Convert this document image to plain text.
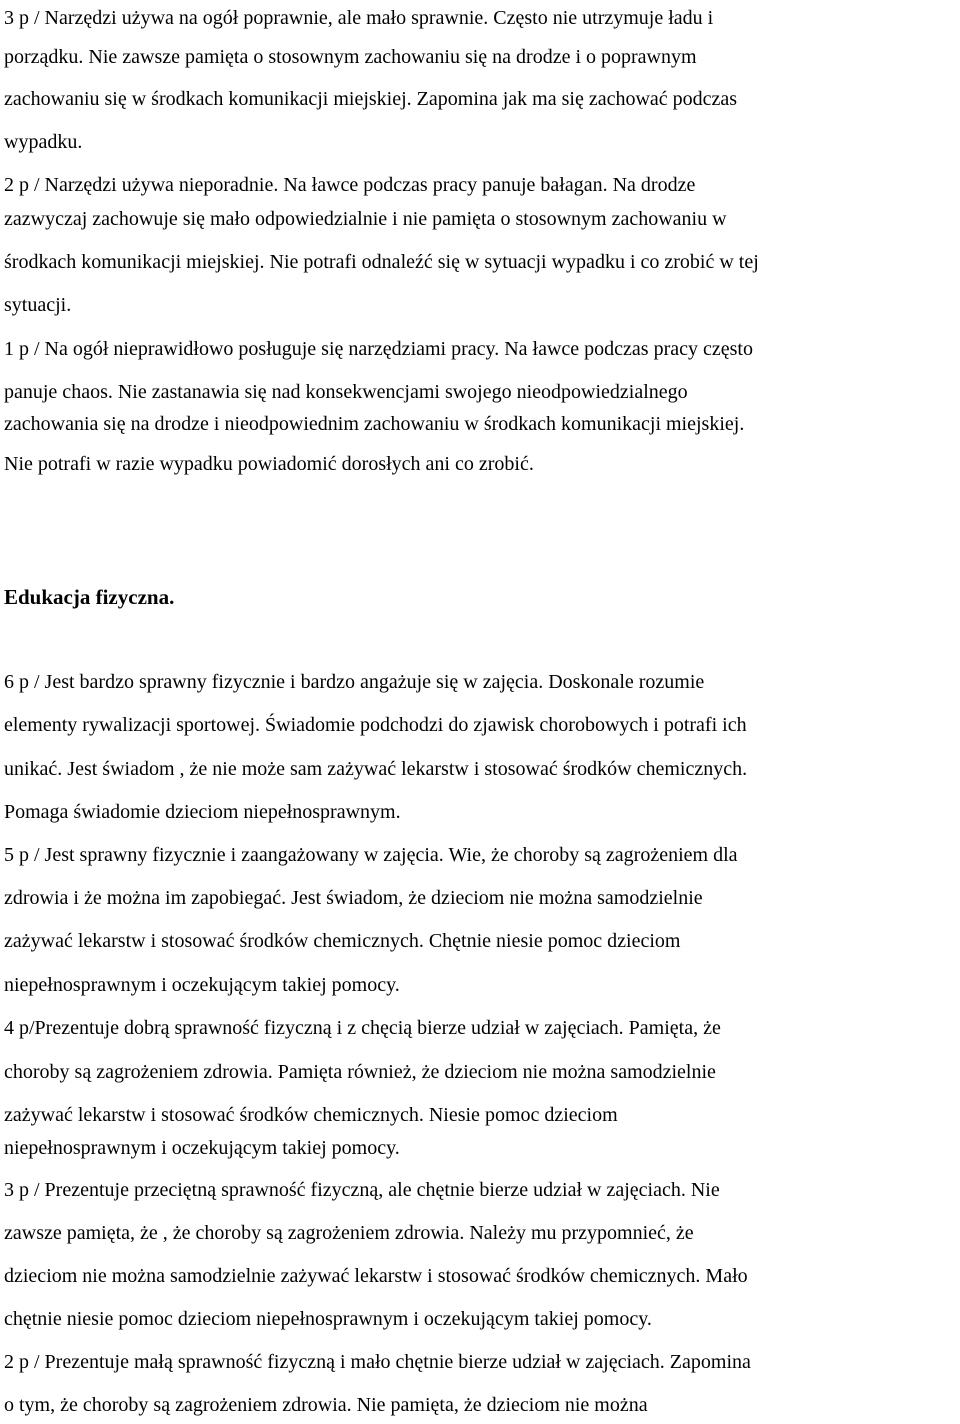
3 p / Narzędzi używa na ogół poprawnie, ale mało sprawnie. Często nie utrzymuje ładu i
porządku. Nie zawsze pamięta o stosownym zachowaniu się na drodze i o poprawnym
zachowaniu się w środkach komunikacji miejskiej. Zapomina jak ma się zachować podczas
wypadku.
2 p / Narzędzi używa nieporadnie. Na ławce podczas pracy panuje bałagan. Na drodze
zazwyczaj zachowuje się mało odpowiedzialnie i nie pamięta o stosownym zachowaniu w
środkach komunikacji miejskiej. Nie potrafi odnaleźć się w sytuacji wypadku i co zrobić w tej
sytuacji.
1 p / Na ogół nieprawidłowo posługuje się narzędziami pracy. Na ławce podczas pracy często
panuje chaos. Nie zastanawia się nad konsekwencjami swojego nieodpowiedzialnego
zachowania się na drodze i nieodpowiednim zachowaniu w środkach komunikacji miejskiej.
Nie potrafi w razie wypadku powiadomić dorosłych ani co zrobić.
Edukacja fizyczna.
6 p / Jest bardzo sprawny fizycznie i bardzo angażuje się w zajęcia. Doskonale rozumie
elementy rywalizacji sportowej. Świadomie podchodzi do zjawisk chorobowych i potrafi ich
unikać. Jest świadom , że nie może sam zażywać lekarstw i stosować środków chemicznych.
Pomaga świadomie dzieciom niepełnosprawnym.
5 p / Jest sprawny fizycznie i zaangażowany w zajęcia. Wie, że choroby są zagrożeniem dla
zdrowia i że można im zapobiegać. Jest świadom, że dzieciom nie można samodzielnie
zażywać lekarstw i stosować środków chemicznych. Chętnie niesie pomoc dzieciom
niepełnosprawnym i oczekującym takiej pomocy.
4 p/Prezentuje dobrą sprawność fizyczną i z chęcią bierze udział w zajęciach. Pamięta, że
choroby są zagrożeniem zdrowia. Pamięta również, że dzieciom nie można samodzielnie
zażywać lekarstw i stosować środków chemicznych. Niesie pomoc dzieciom
niepełnosprawnym i oczekującym takiej pomocy.
3 p / Prezentuje przeciętną sprawność fizyczną, ale chętnie bierze udział w zajęciach. Nie
zawsze pamięta, że , że choroby są zagrożeniem zdrowia. Należy mu przypomnieć, że
dzieciom nie można samodzielnie zażywać lekarstw i stosować środków chemicznych. Mało
chętnie niesie pomoc dzieciom niepełnosprawnym i oczekującym takiej pomocy.
2 p / Prezentuje małą sprawność fizyczną i mało chętnie bierze udział w zajęciach. Zapomina
o tym, że choroby są zagrożeniem zdrowia. Nie pamięta, że dzieciom nie można
